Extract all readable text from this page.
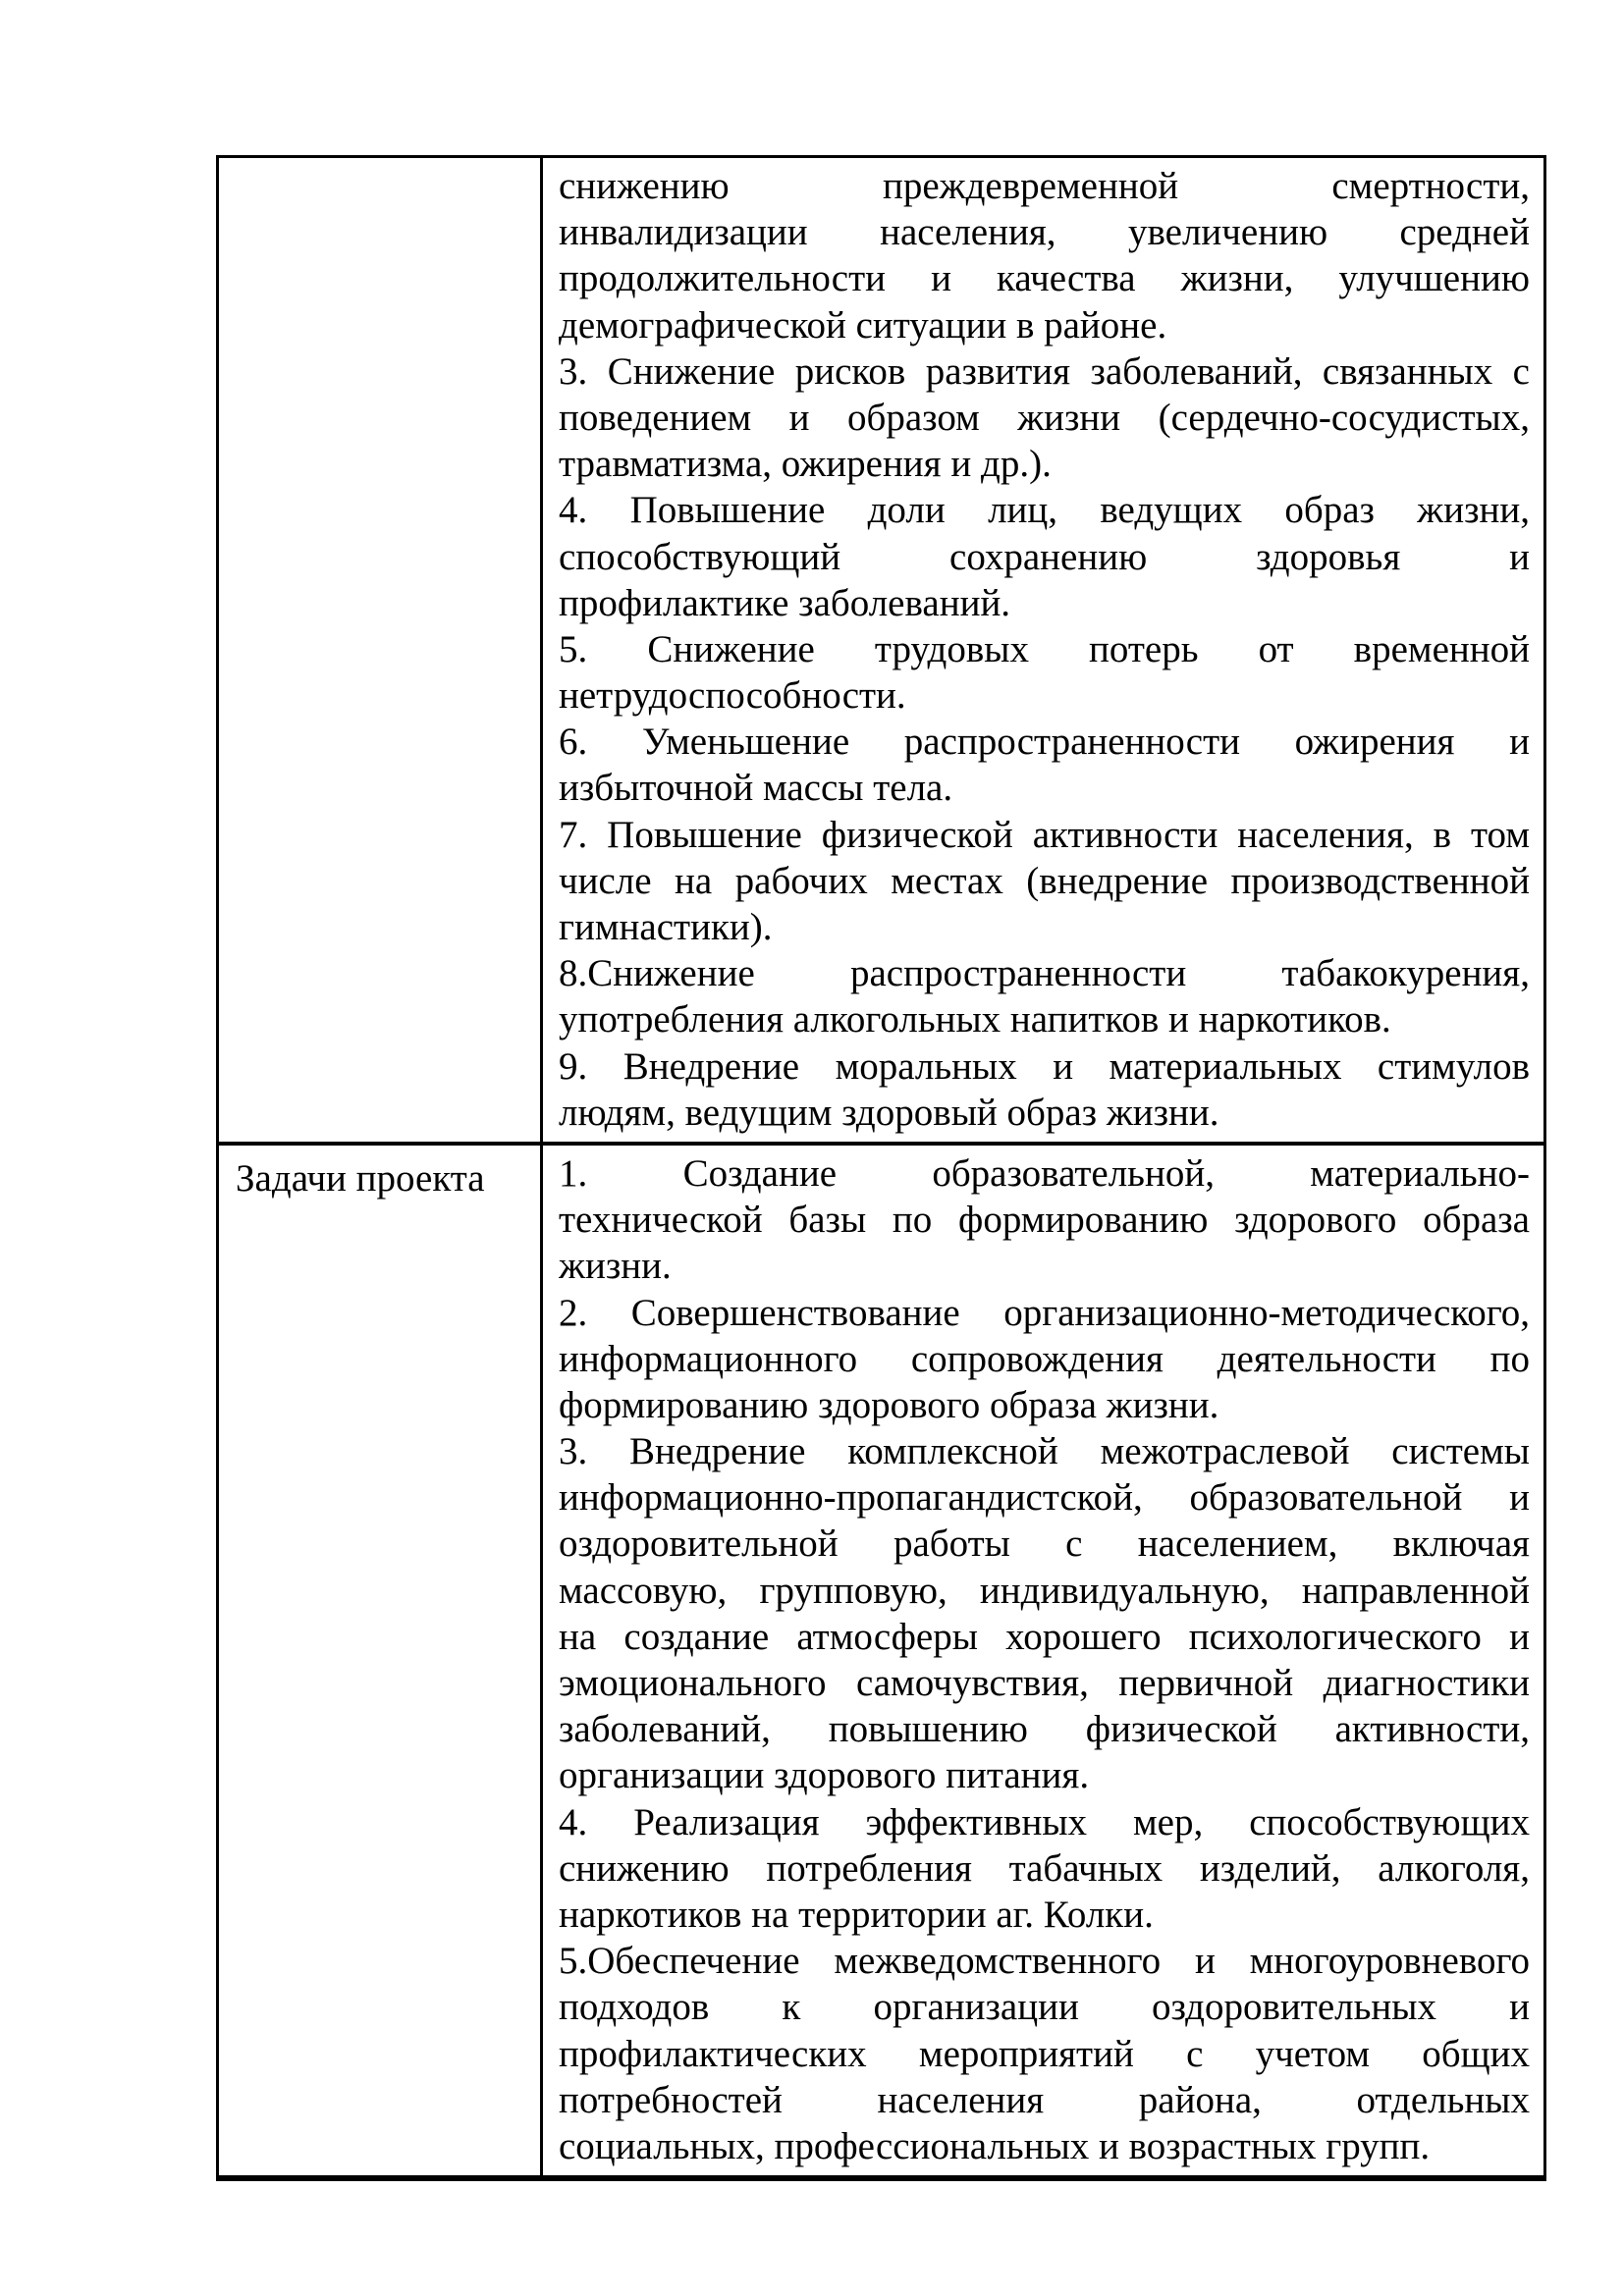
снижению преждевременной смертности,
инвалидизации населения, увеличению средней
продолжительности и качества жизни, улучшению
демографической ситуации в районе.
3. Снижение рисков развития заболеваний, связанных с
поведением и образом жизни (сердечно-сосудистых,
травматизма, ожирения и др.).
4. Повышение доли лиц, ведущих образ жизни,
способствующий сохранению здоровья и
профилактике заболеваний.
5. Снижение трудовых потерь от временной
нетрудоспособности.
6. Уменьшение распространенности ожирения и
избыточной массы тела.
7. Повышение физической активности населения, в том
числе на рабочих местах (внедрение производственной
гимнастики).
8.Снижение распространенности табакокурения,
употребления алкогольных напитков и наркотиков.
9. Внедрение моральных и материальных стимулов
людям, ведущим здоровый образ жизни.
Задачи проекта	1. Создание образовательной, материально-
технической базы по формированию здорового образа
жизни.
2. Совершенствование организационно-методического,
информационного сопровождения деятельности по
формированию здорового образа жизни.
3. Внедрение комплексной межотраслевой системы
информационно-пропагандистской, образовательной и
оздоровительной работы с населением, включая
массовую, групповую, индивидуальную, направленной
на создание атмосферы хорошего психологического и
эмоционального самочувствия, первичной диагностики
заболеваний, повышению физической активности,
организации здорового питания.
4. Реализация эффективных мер, способствующих
снижению потребления табачных изделий, алкоголя,
наркотиков на территории аг. Колки.
5.Обеспечение межведомственного и многоуровневого
подходов к организации оздоровительных и
профилактических мероприятий с учетом общих
потребностей населения района, отдельных
социальных, профессиональных и возрастных групп.
